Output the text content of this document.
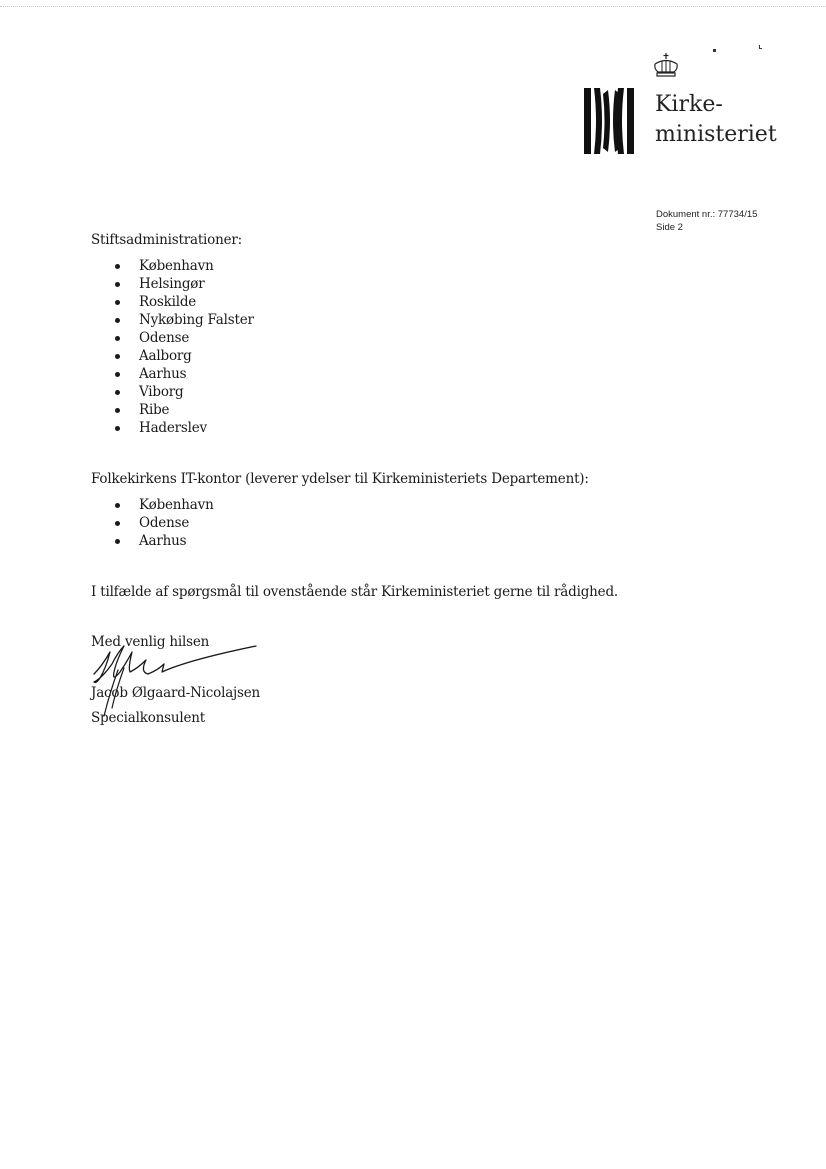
Kirke-
ministeriet
Dokument nr.: 77734/15
Side 2
Stiftsadministrationer:
København
Helsingør
Roskilde
Nykøbing Falster
Odense
Aalborg
Aarhus
Viborg
Ribe
Haderslev
Folkekirkens IT-kontor (leverer ydelser til Kirkeministeriets Departement):
København
Odense
Aarhus
I tilfælde af spørgsmål til ovenstående står Kirkeministeriet gerne til rådighed.
Med venlig hilsen
Jacob Ølgaard-Nicolajsen
Specialkonsulent
